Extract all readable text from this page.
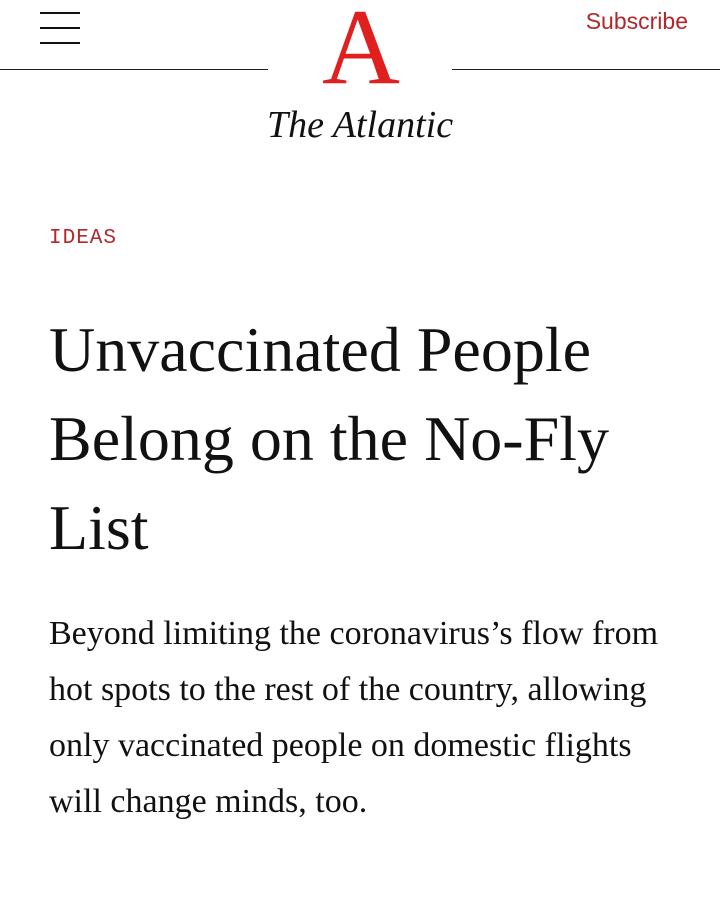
A
The Atlantic
Subscribe
IDEAS
Unvaccinated People Belong on the No-Fly List

Beyond limiting the coronavirus’s flow from hot spots to the rest of the country, allowing only vaccinated people on domestic flights will change minds, too.
